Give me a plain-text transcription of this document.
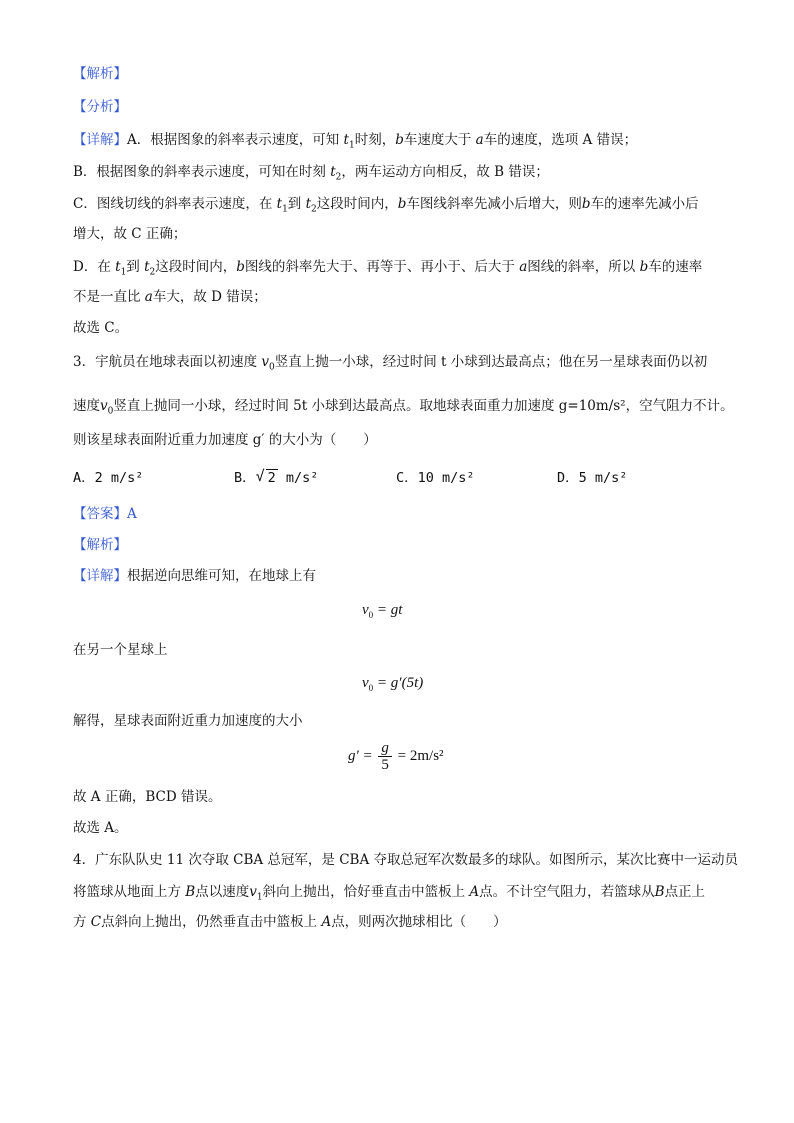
【解析】
【分析】
【详解】A．根据图象的斜率表示速度，可知 $t_1$时刻，b车速度大于 a车的速度，选项 A 错误；
B．根据图象的斜率表示速度，可知在时刻 $t_2$，两车运动方向相反，故 B 错误；
C．图线切线的斜率表示速度，在 $t_1$到 $t_2$这段时间内，b车图线斜率先减小后增大，则b车的速率先减小后
增大，故 C 正确；
D．在 $t_1$到 $t_2$这段时间内，b图线的斜率先大于、再等于、再小于、后大于 a图线的斜率，所以 b车的速率
不是一直比 a车大，故 D 错误；
故选 C。
3．宇航员在地球表面以初速度 $v_0$竖直上抛一小球，经过时间 t 小球到达最高点；他在另一星球表面仍以初
速度$v_0$竖直上抛同一小球，经过时间 5t 小球到达最高点。取地球表面重力加速度 g=10m/s²，空气阻力不计。
则该星球表面附近重力加速度 g′ 的大小为（　　）
A．2 m/s²	B． √ 2 m/s²	C．10 m/s²	D．5 m/s²
【答案】A
【解析】
【详解】根据逆向思维可知，在地球上有
$v_0$ = gt
在另一个星球上
$v_0 = g'(5t)$
解得，星球表面附近重力加速度的大小
$g' = \frac{g}{5} = 2m/s^2$
故 A 正确，BCD 错误。
故选 A。
4．广东队队史 11 次夺取 CBA 总冠军，是 CBA 夺取总冠军次数最多的球队。如图所示，某次比赛中一运动员
将篮球从地面上方 B点以速度$v_1$斜向上抛出，恰好垂直击中篮板上 A点。不计空气阻力，若篮球从B点正上
方 C点斜向上抛出，仍然垂直击中篮板上 A点，则两次抛球相比（　　）
